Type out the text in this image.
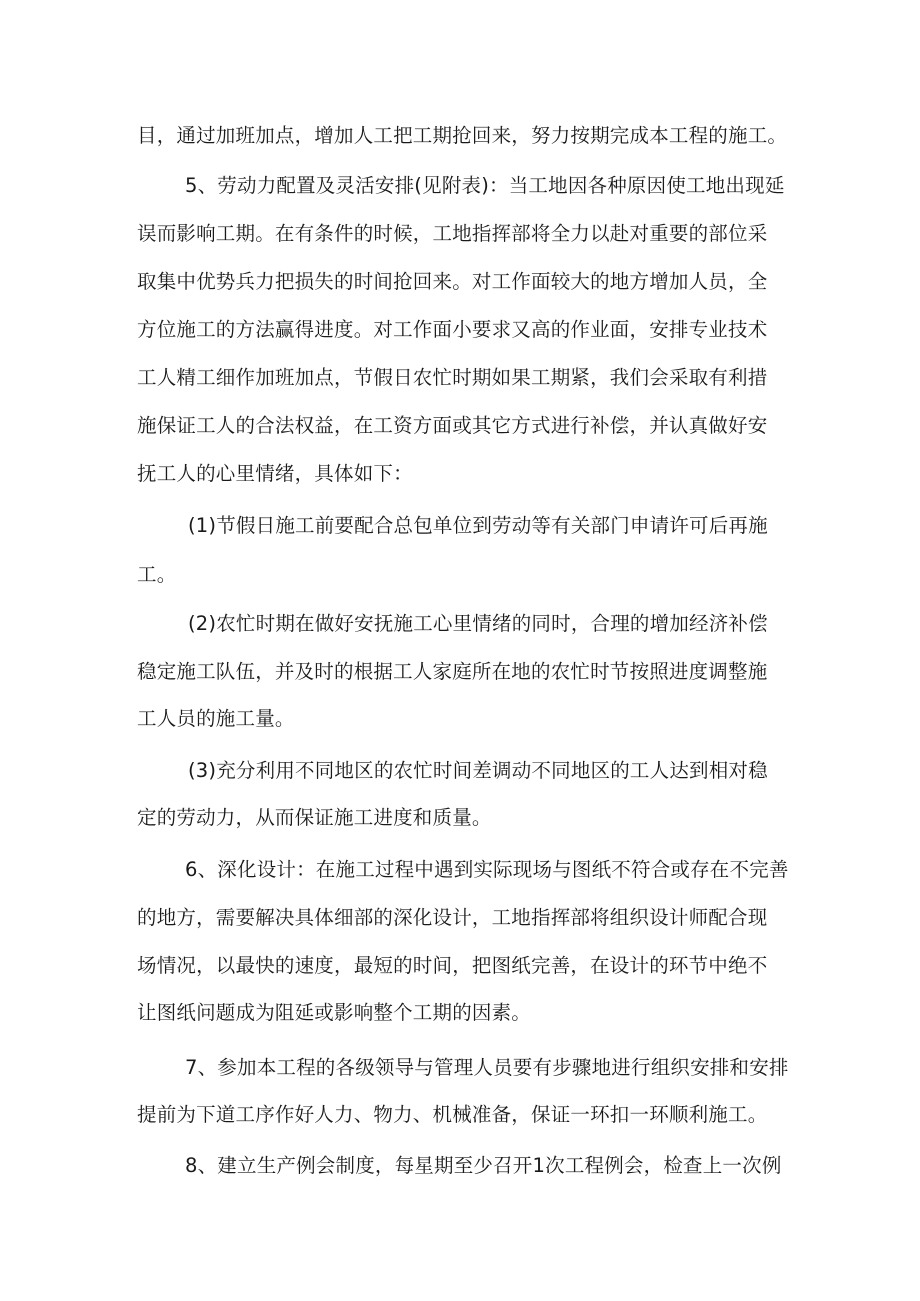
目，通过加班加点，增加人工把工期抢回来，努力按期完成本工程的施工。
5、劳动力配置及灵活安排(见附表)：当工地因各种原因使工地出现延
误而影响工期。在有条件的时候，工地指挥部将全力以赴对重要的部位采
取集中优势兵力把损失的时间抢回来。对工作面较大的地方增加人员，全
方位施工的方法赢得进度。对工作面小要求又高的作业面，安排专业技术
工人精工细作加班加点，节假日农忙时期如果工期紧，我们会采取有利措
施保证工人的合法权益，在工资方面或其它方式进行补偿，并认真做好安
抚工人的心里情绪，具体如下：
(1)节假日施工前要配合总包单位到劳动等有关部门申请许可后再施
工。
(2)农忙时期在做好安抚施工心里情绪的同时，合理的增加经济补偿
稳定施工队伍，并及时的根据工人家庭所在地的农忙时节按照进度调整施
工人员的施工量。
(3)充分利用不同地区的农忙时间差调动不同地区的工人达到相对稳
定的劳动力，从而保证施工进度和质量。
6、深化设计：在施工过程中遇到实际现场与图纸不符合或存在不完善
的地方，需要解决具体细部的深化设计，工地指挥部将组织设计师配合现
场情况，以最快的速度，最短的时间，把图纸完善，在设计的环节中绝不
让图纸问题成为阻延或影响整个工期的因素。
7、参加本工程的各级领导与管理人员要有步骤地进行组织安排和安排
提前为下道工序作好人力、物力、机械准备，保证一环扣一环顺利施工。
8、建立生产例会制度，每星期至少召开1次工程例会，检查上一次例
